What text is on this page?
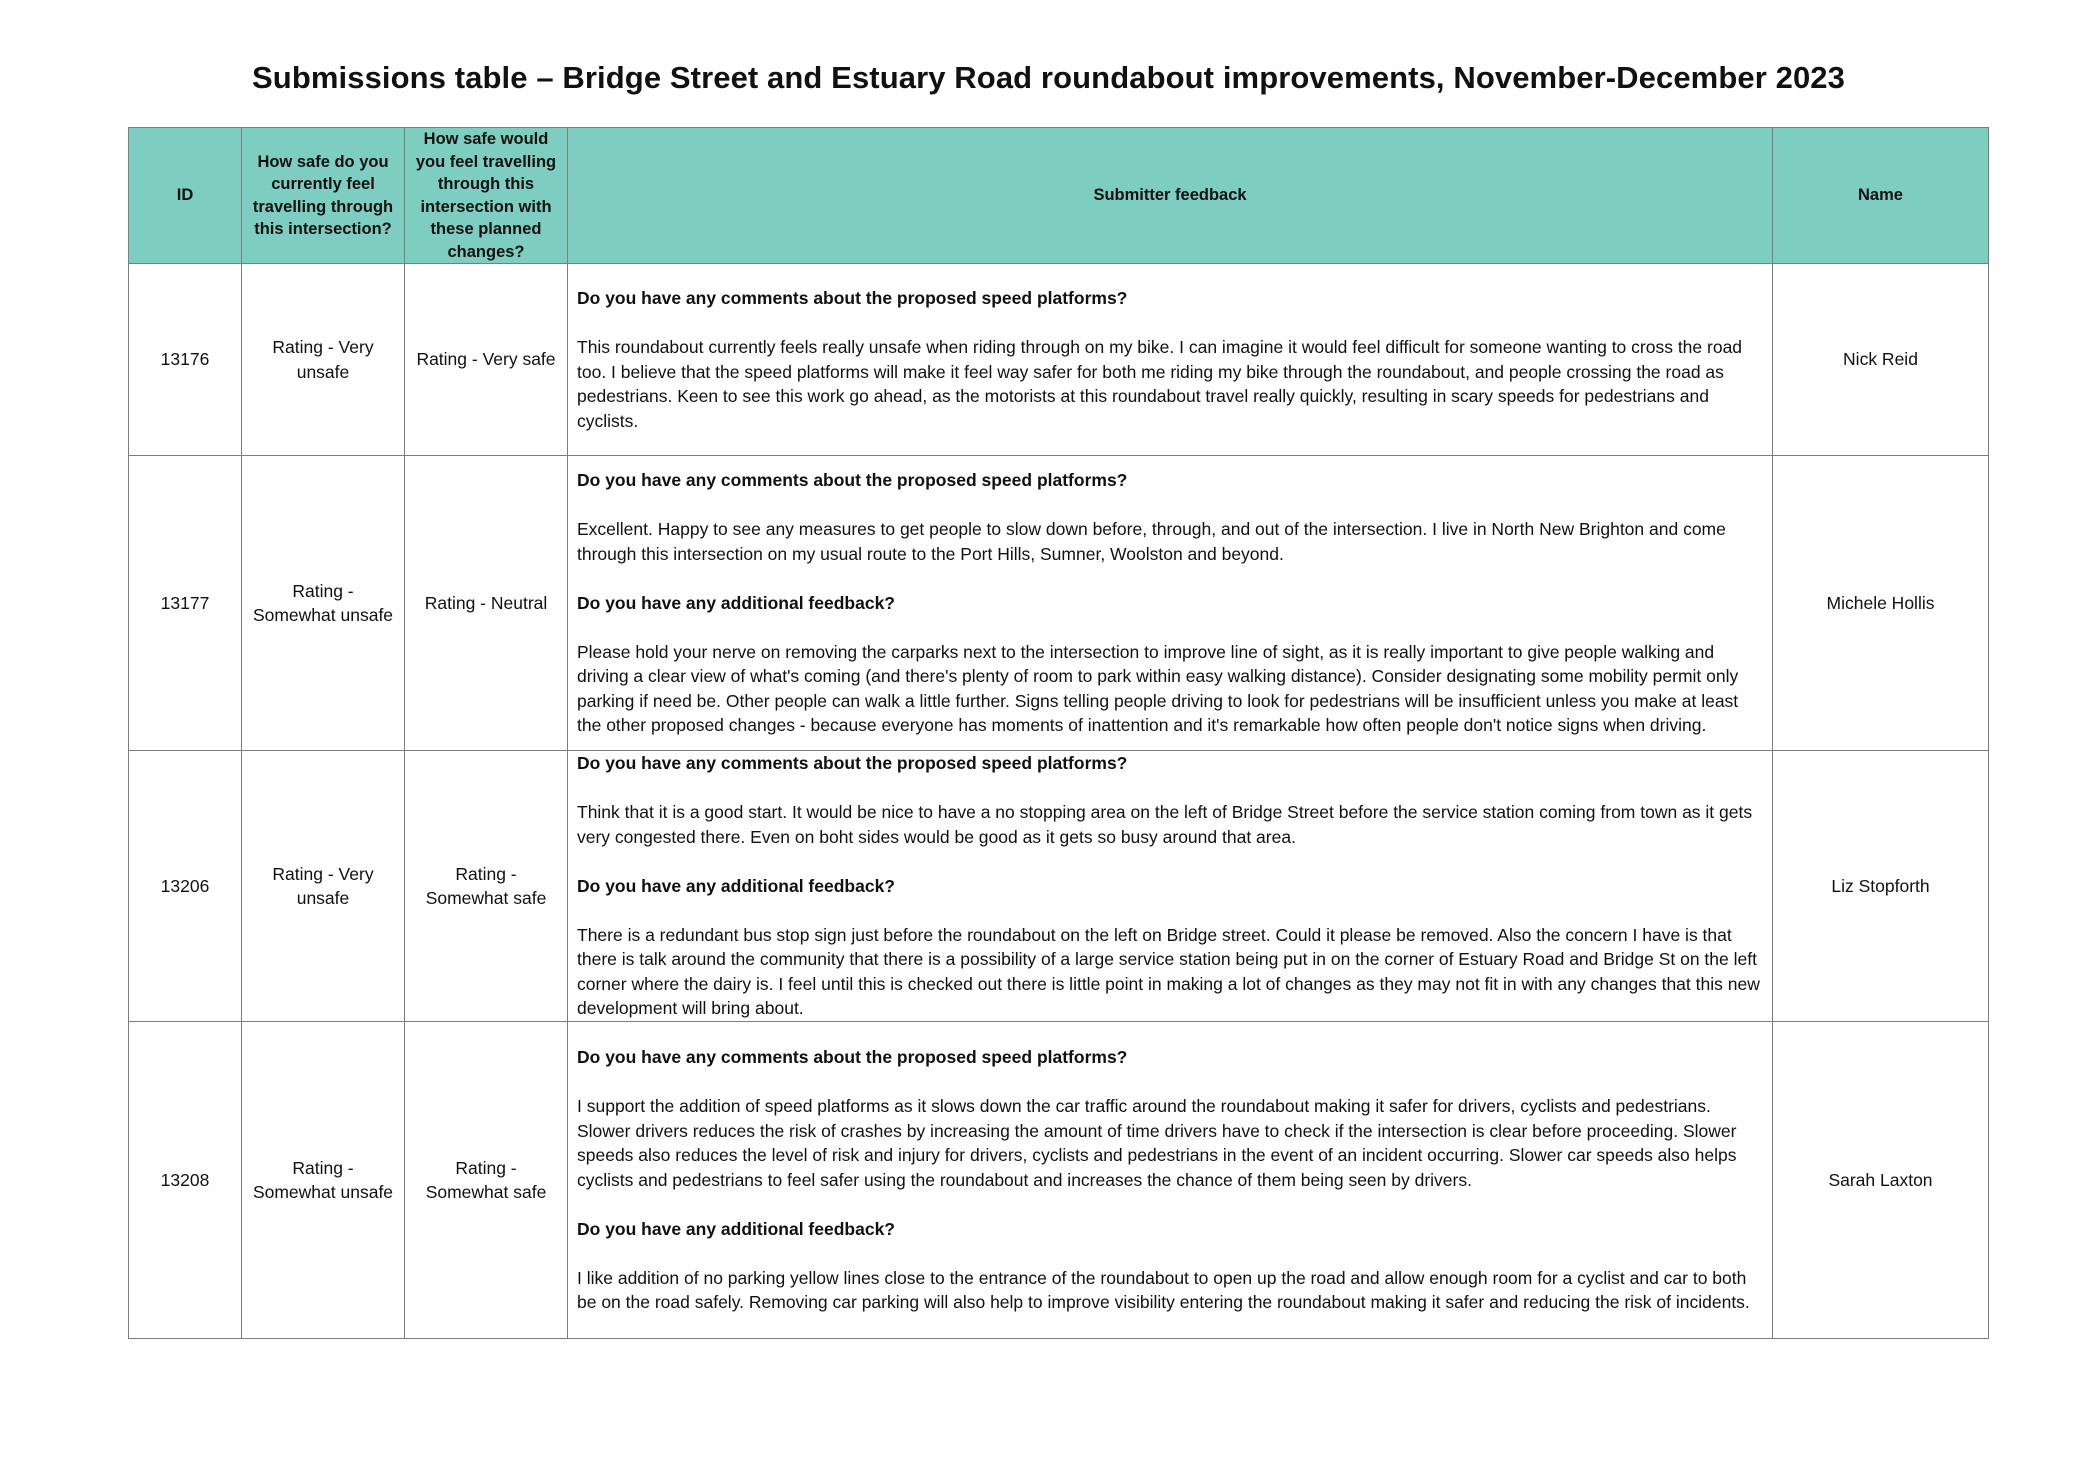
Submissions table – Bridge Street and Estuary Road roundabout improvements, November-December 2023
ID	How safe do you currently feel travelling through this intersection?	How safe would you feel travelling through this intersection with these planned changes?	Submitter feedback	Name
13176	Rating - Very unsafe	Rating - Very safe	Do you have any comments about the proposed speed platforms?
This roundabout currently feels really unsafe when riding through on my bike. I can imagine it would feel difficult for someone wanting to cross the road too. I believe that the speed platforms will make it feel way safer for both me riding my bike through the roundabout, and people crossing the road as pedestrians. Keen to see this work go ahead, as the motorists at this roundabout travel really quickly, resulting in scary speeds for pedestrians and cyclists.	Nick Reid
13177	Rating - Somewhat unsafe	Rating - Neutral	Do you have any comments about the proposed speed platforms?
Excellent. Happy to see any measures to get people to slow down before, through, and out of the intersection. I live in North New Brighton and come through this intersection on my usual route to the Port Hills, Sumner, Woolston and beyond.
Do you have any additional feedback?
Please hold your nerve on removing the carparks next to the intersection to improve line of sight, as it is really important to give people walking and driving a clear view of what's coming (and there's plenty of room to park within easy walking distance). Consider designating some mobility permit only parking if need be. Other people can walk a little further. Signs telling people driving to look for pedestrians will be insufficient unless you make at least the other proposed changes - because everyone has moments of inattention and it's remarkable how often people don't notice signs when driving.	Michele Hollis
13206	Rating - Very unsafe	Rating - Somewhat safe	Do you have any comments about the proposed speed platforms?
Think that it is a good start. It would be nice to have a no stopping area on the left of Bridge Street before the service station coming from town as it gets very congested there. Even on boht sides would be good as it gets so busy around that area.
Do you have any additional feedback?
There is a redundant bus stop sign just before the roundabout on the left on Bridge street. Could it please be removed. Also the concern I have is that there is talk around the community that there is a possibility of a large service station being put in on the corner of Estuary Road and Bridge St on the left corner where the dairy is. I feel until this is checked out there is little point in making a lot of changes as they may not fit in with any changes that this new development will bring about.	Liz Stopforth
13208	Rating - Somewhat unsafe	Rating - Somewhat safe	Do you have any comments about the proposed speed platforms?
I support the addition of speed platforms as it slows down the car traffic around the roundabout making it safer for drivers, cyclists and pedestrians. Slower drivers reduces the risk of crashes by increasing the amount of time drivers have to check if the intersection is clear before proceeding. Slower speeds also reduces the level of risk and injury for drivers, cyclists and pedestrians in the event of an incident occurring. Slower car speeds also helps cyclists and pedestrians to feel safer using the roundabout and increases the chance of them being seen by drivers.
Do you have any additional feedback?
I like addition of no parking yellow lines close to the entrance of the roundabout to open up the road and allow enough room for a cyclist and car to both be on the road safely. Removing car parking will also help to improve visibility entering the roundabout making it safer and reducing the risk of incidents.	Sarah Laxton
